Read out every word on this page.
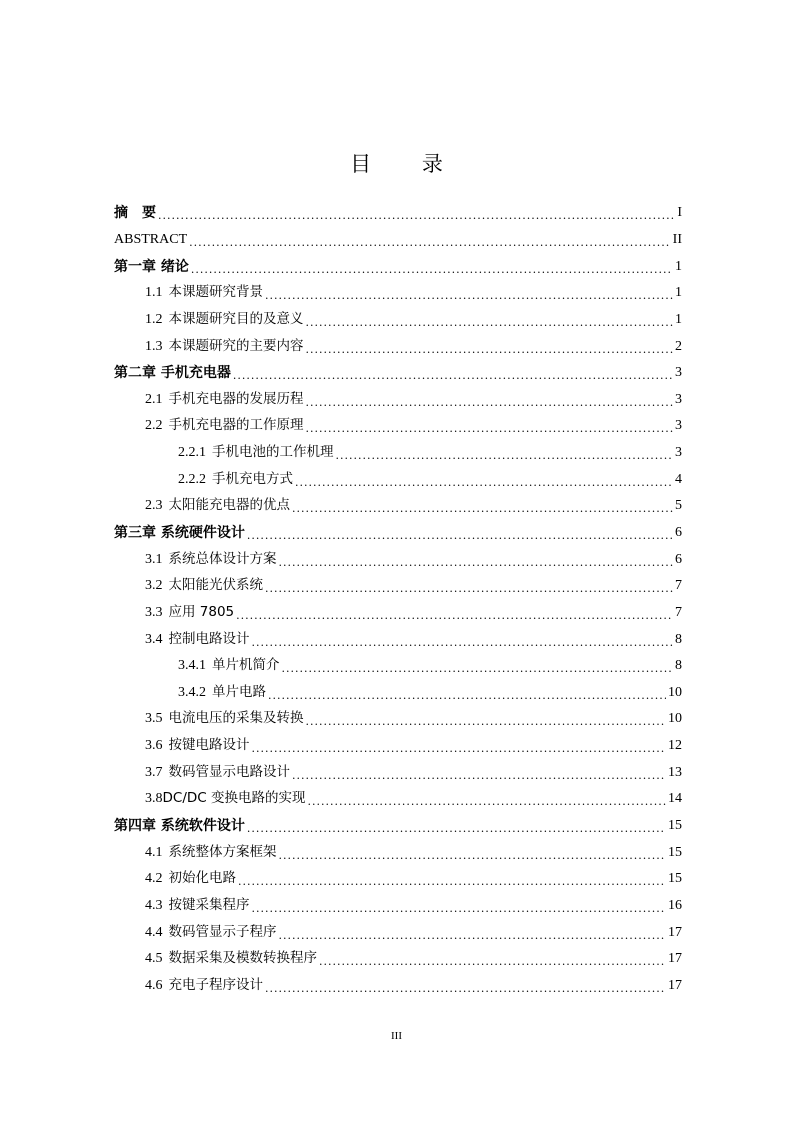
目 录
摘　要 .....	I
ABSTRACT .....	II
第一章 绪论 .....	1
1.1 本课题研究背景 .....	1
1.2 本课题研究目的及意义 .....	1
1.3 本课题研究的主要内容 .....	2
第二章 手机充电器 .....	3
2.1 手机充电器的发展历程 .....	3
2.2 手机充电器的工作原理 .....	3
2.2.1 手机电池的工作机理 .....	3
2.2.2 手机充电方式 .....	4
2.3 太阳能充电器的优点 .....	5
第三章 系统硬件设计 .....	6
3.1 系统总体设计方案 .....	6
3.2 太阳能光伏系统 .....	7
3.3 应用 7805 .....	7
3.4 控制电路设计 .....	8
3.4.1 单片机简介 .....	8
3.4.2 单片电路 .....	10
3.5 电流电压的采集及转换 .....	10
3.6 按键电路设计 .....	12
3.7 数码管显示电路设计 .....	13
3.8DC/DC 变换电路的实现 .....	14
第四章 系统软件设计 .....	15
4.1 系统整体方案框架 .....	15
4.2 初始化电路 .....	15
4.3 按键采集程序 .....	16
4.4 数码管显示子程序 .....	17
4.5 数据采集及模数转换程序 .....	17
4.6 充电子程序设计 .....	17
III
